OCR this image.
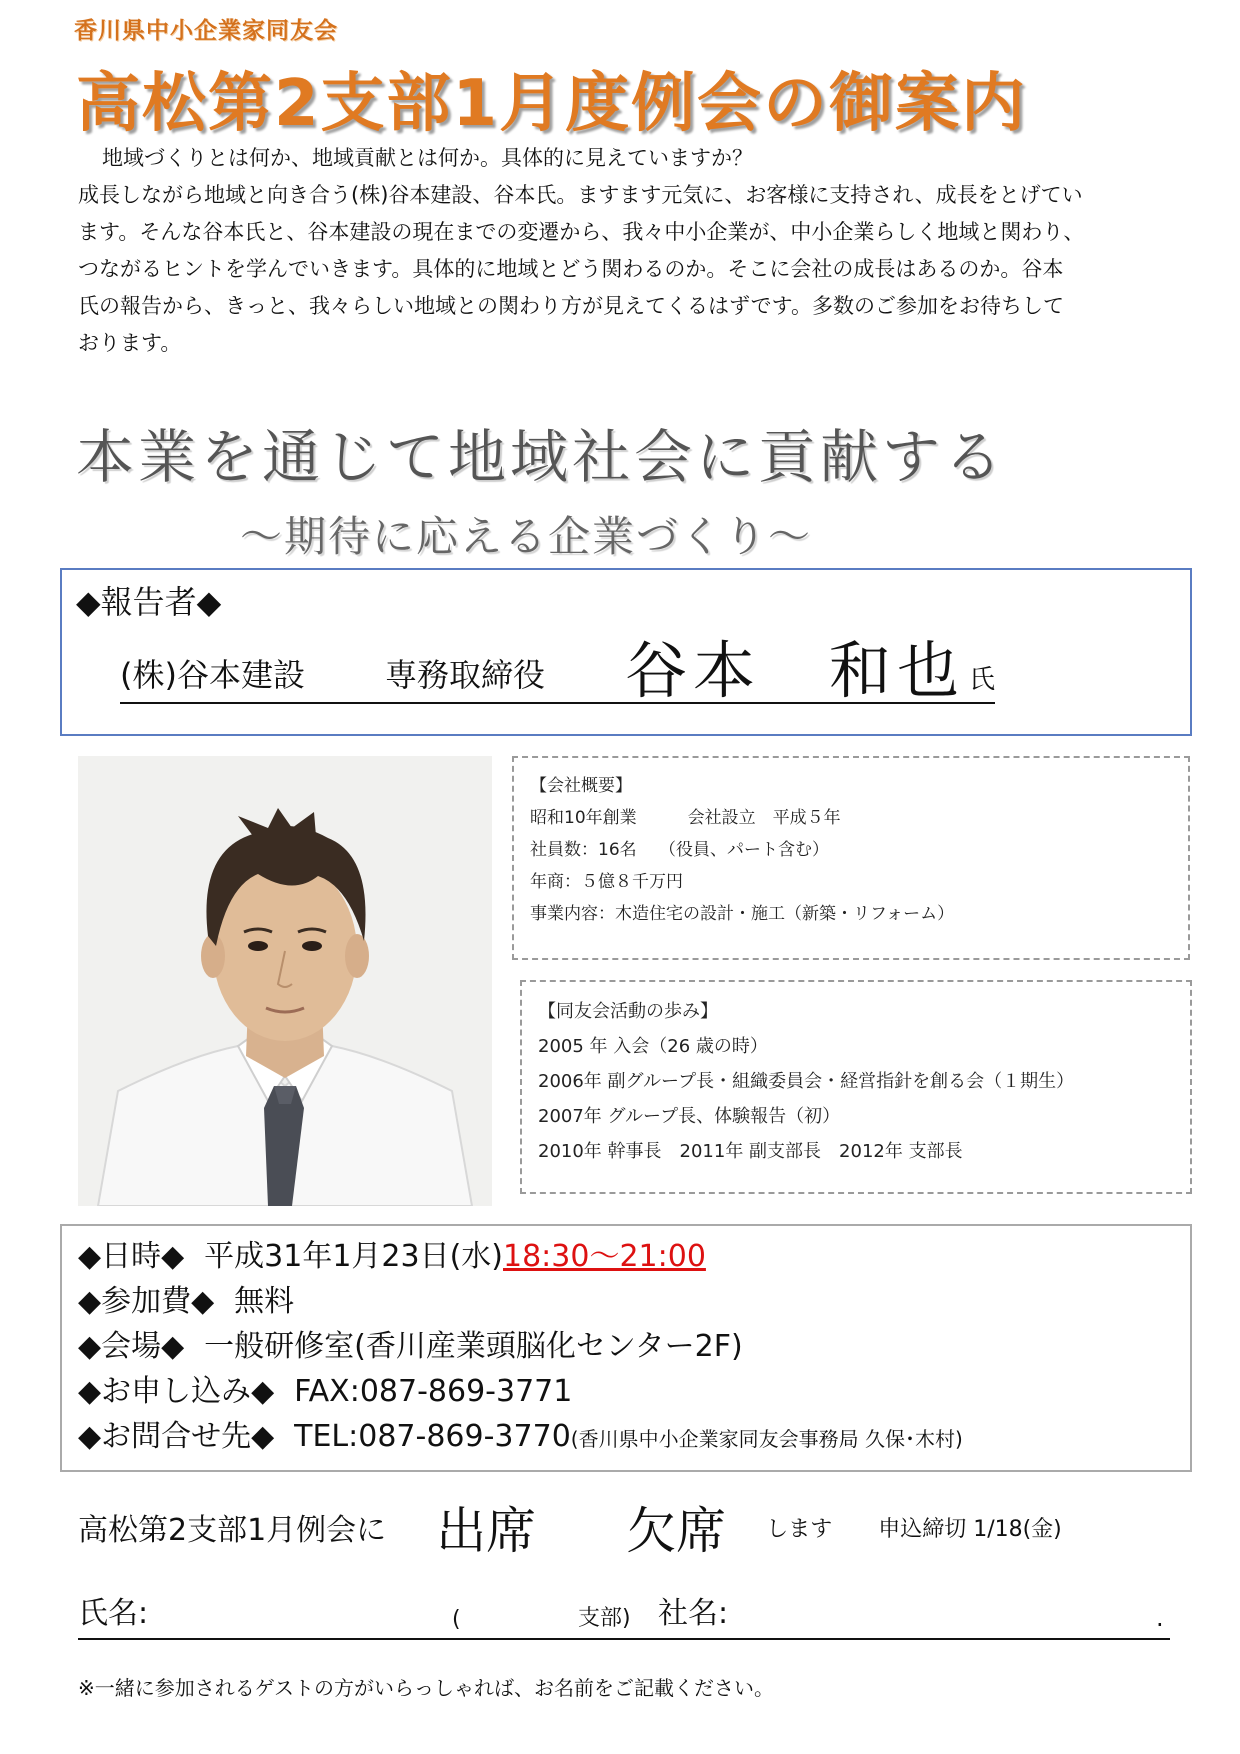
香川県中小企業家同友会
高松第2支部1月度例会の御案内

地域づくりとは何か、地域貢献とは何か。具体的に見えていますか？

成長しながら地域と向き合う(株)谷本建設、谷本氏。ますます元気に、お客様に支持され、成長をとげてい

ます。そんな谷本氏と、谷本建設の現在までの変遷から、我々中小企業が、中小企業らしく地域と関わり、

つながるヒントを学んでいきます。具体的に地域とどう関わるのか。そこに会社の成長はあるのか。谷本

氏の報告から、きっと、我々らしい地域との関わり方が見えてくるはずです。多数のご参加をお待ちして

おります。

本業を通じて地域社会に貢献する
～期待に応える企業づくり～
◆報告者◆
(株)谷本建設	専務取締役 谷本　和也 氏
【会社概要】
昭和10年創業　　　会社設立　平成５年
社員数：16名　 （役員、パート含む）
年商：５億８千万円
事業内容：木造住宅の設計・施工（新築・リフォーム）
【同友会活動の歩み】
2005 年 入会（26 歳の時）
2006年 副グループ長・組織委員会・経営指針を創る会（１期生）
2007年 グループ長、体験報告（初）
2010年 幹事長　2011年 副支部長　2012年 支部長
◆日時◆ 平成31年1月23日(水)18:30～21:00
◆参加費◆ 無料
◆会場◆ 一般研修室(香川産業頭脳化センター2F)
◆お申し込み◆ FAX:087-869-3771
◆お問合せ先◆ TEL:087-869-3770(香川県中小企業家同友会事務局 久保･木村)
高松第2支部1月例会に 出席 欠席 します 申込締切 1/18(金)
氏名:	(	支部) 社名:	.
※一緒に参加されるゲストの方がいらっしゃれば、お名前をご記載ください。
